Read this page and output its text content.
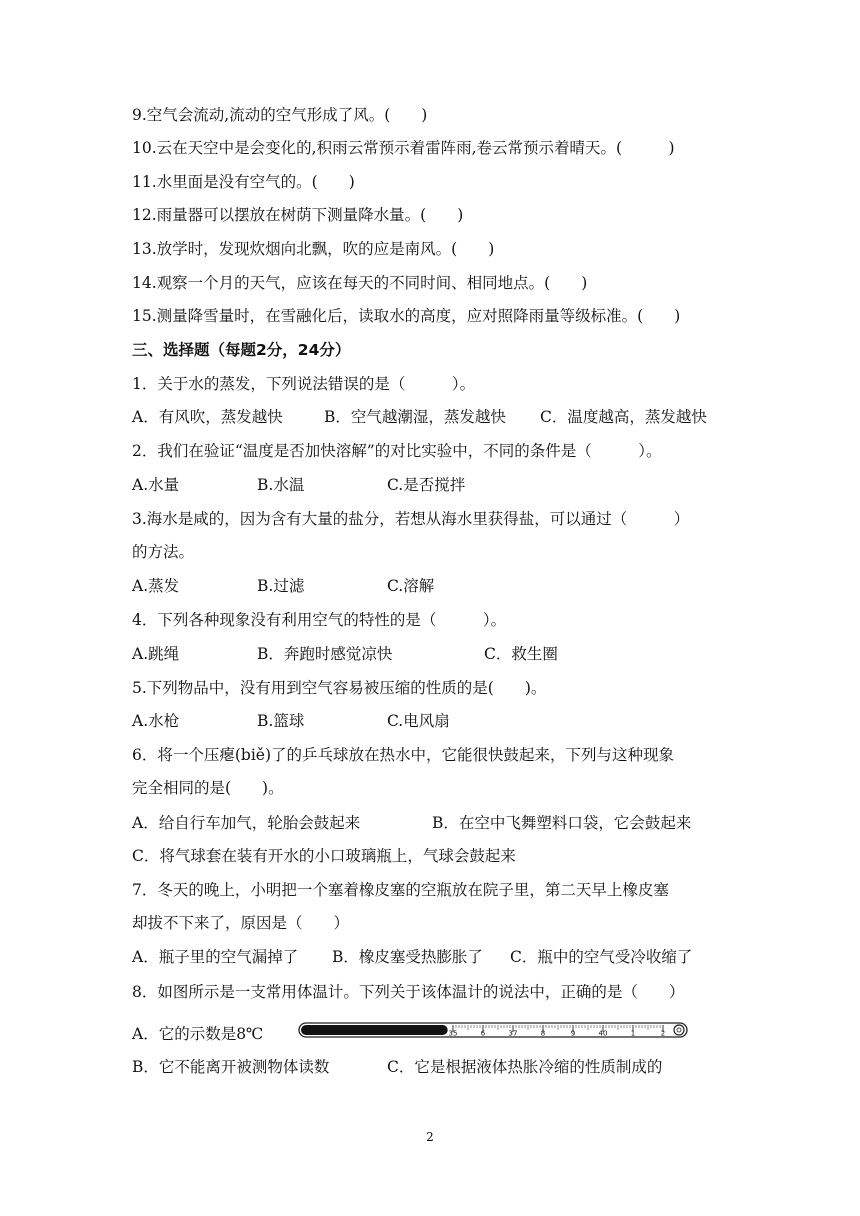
9.空气会流动,流动的空气形成了风。(　　)
10.云在天空中是会变化的,积雨云常预示着雷阵雨,卷云常预示着晴天。(　　　)
11.水里面是没有空气的。(　　)
12.雨量器可以摆放在树荫下测量降水量。(　　)
13.放学时，发现炊烟向北飘，吹的应是南风。(　　)
14.观察一个月的天气，应该在每天的不同时间、相同地点。(　　)
15.测量降雪量时，在雪融化后，读取水的高度，应对照降雨量等级标准。(　　)
三、选择题（每题2分，24分）
1．关于水的蒸发，下列说法错误的是（　　　）。

A．有风吹，蒸发越快

	B．空气越潮湿，蒸发越快

C．温度越高，蒸发越快

2．我们在验证“温度是否加快溶解”的对比实验中，不同的条件是（　　　）。

A.水量

	B.水温

	C.是否搅拌

3.海水是咸的，因为含有大量的盐分，若想从海水里获得盐，可以通过（　　　）
的方法。

A.蒸发

	B.过滤

	C.溶解

4．下列各种现象没有利用空气的特性的是（　　　）。

A.跳绳

	B．奔跑时感觉凉快

	C．救生圈

5.下列物品中，没有用到空气容易被压缩的性质的是(　　)。

A.水枪

	B.篮球

	C.电风扇

6．将一个压瘪(biě)了的乒乓球放在热水中，它能很快鼓起来，下列与这种现象
完全相同的是(　　)。

A．给自行车加气，轮胎会鼓起来

	B．在空中飞舞塑料口袋，它会鼓起来

C．将气球套在装有开水的小口玻璃瓶上，气球会鼓起来
7．冬天的晚上，小明把一个塞着橡皮塞的空瓶放在院子里，第二天早上橡皮塞
却拔不下来了，原因是（　　）

A．瓶子里的空气漏掉了

B．橡皮塞受热膨胀了

C．瓶中的空气受冷收缩了

8．如图所示是一支常用体温计。下列关于该体温计的说法中，正确的是（　　）
A．它的示数是8℃	35	6	37	8	9	40	1	2

B．它不能离开被测物体读数

	C．它是根据液体热胀冷缩的性质制成的

2
